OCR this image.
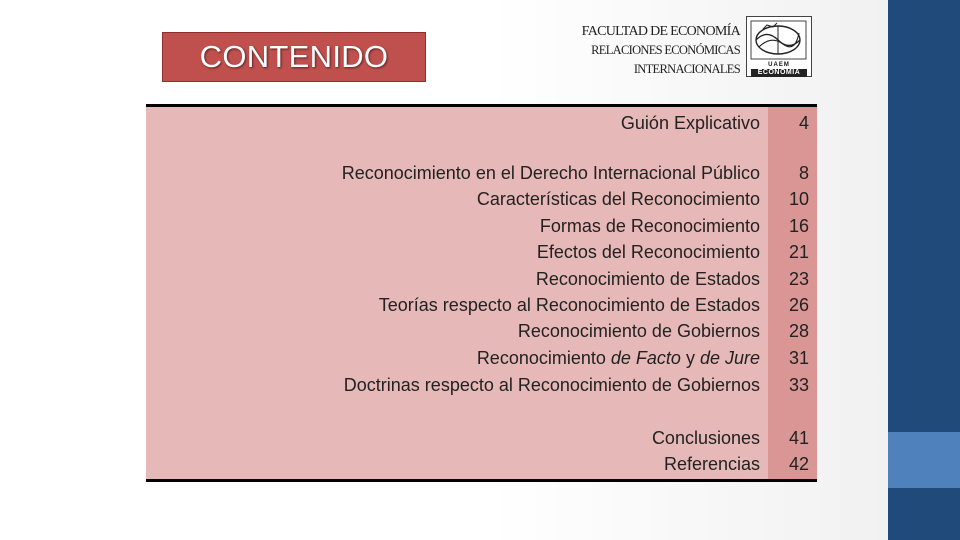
CONTENIDO
FACULTAD DE ECONOMÍA
RELACIONES ECONÓMICAS
INTERNACIONALES	UAEM
ECONOMIA
Guión Explicativo	4
Reconocimiento en el Derecho Internacional Público	8
Características del Reconocimiento	10
Formas de Reconocimiento	16
Efectos del Reconocimiento	21
Reconocimiento de Estados	23
Teorías respecto al Reconocimiento de Estados	26
Reconocimiento de Gobiernos	28
Reconocimiento de Facto y de Jure	31
Doctrinas respecto al Reconocimiento de Gobiernos	33
Conclusiones	41
Referencias	42
